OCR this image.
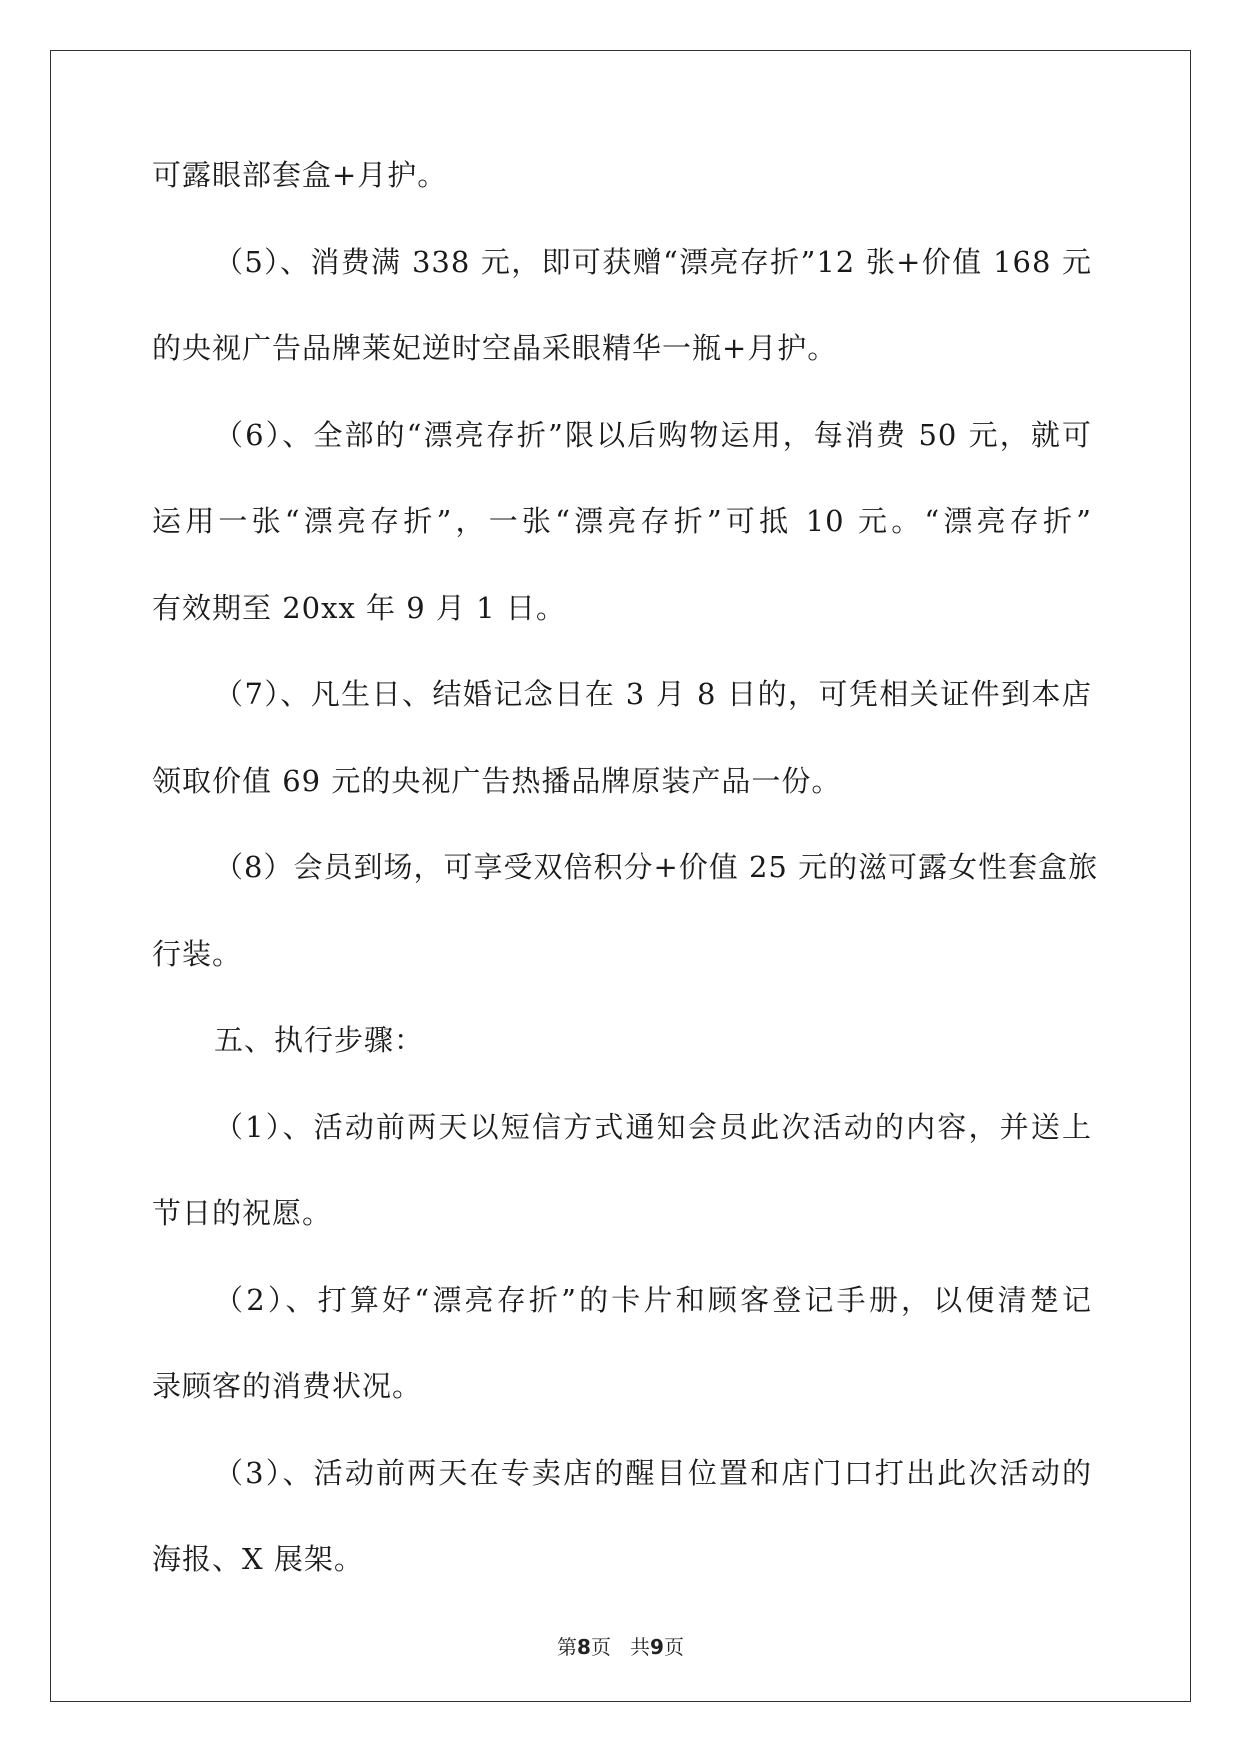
可露眼部套盒+月护。
（5）、消费满 338 元，即可获赠“漂亮存折”12 张+价值 168 元
的央视广告品牌莱妃逆时空晶采眼精华一瓶+月护。
（6）、全部的“漂亮存折”限以后购物运用，每消费 50 元，就可
运用一张“漂亮存折”，一张“漂亮存折”可抵 10 元。“漂亮存折”
有效期至 20xx 年 9 月 1 日。
（7）、凡生日、结婚记念日在 3 月 8 日的，可凭相关证件到本店
领取价值 69 元的央视广告热播品牌原装产品一份。
（8）会员到场，可享受双倍积分+价值 25 元的滋可露女性套盒旅
行装。
五、执行步骤：
（1）、活动前两天以短信方式通知会员此次活动的内容，并送上
节日的祝愿。
（2）、打算好“漂亮存折”的卡片和顾客登记手册，以便清楚记
录顾客的消费状况。
（3）、活动前两天在专卖店的醒目位置和店门口打出此次活动的
海报、X 展架。
第8页 共9页
